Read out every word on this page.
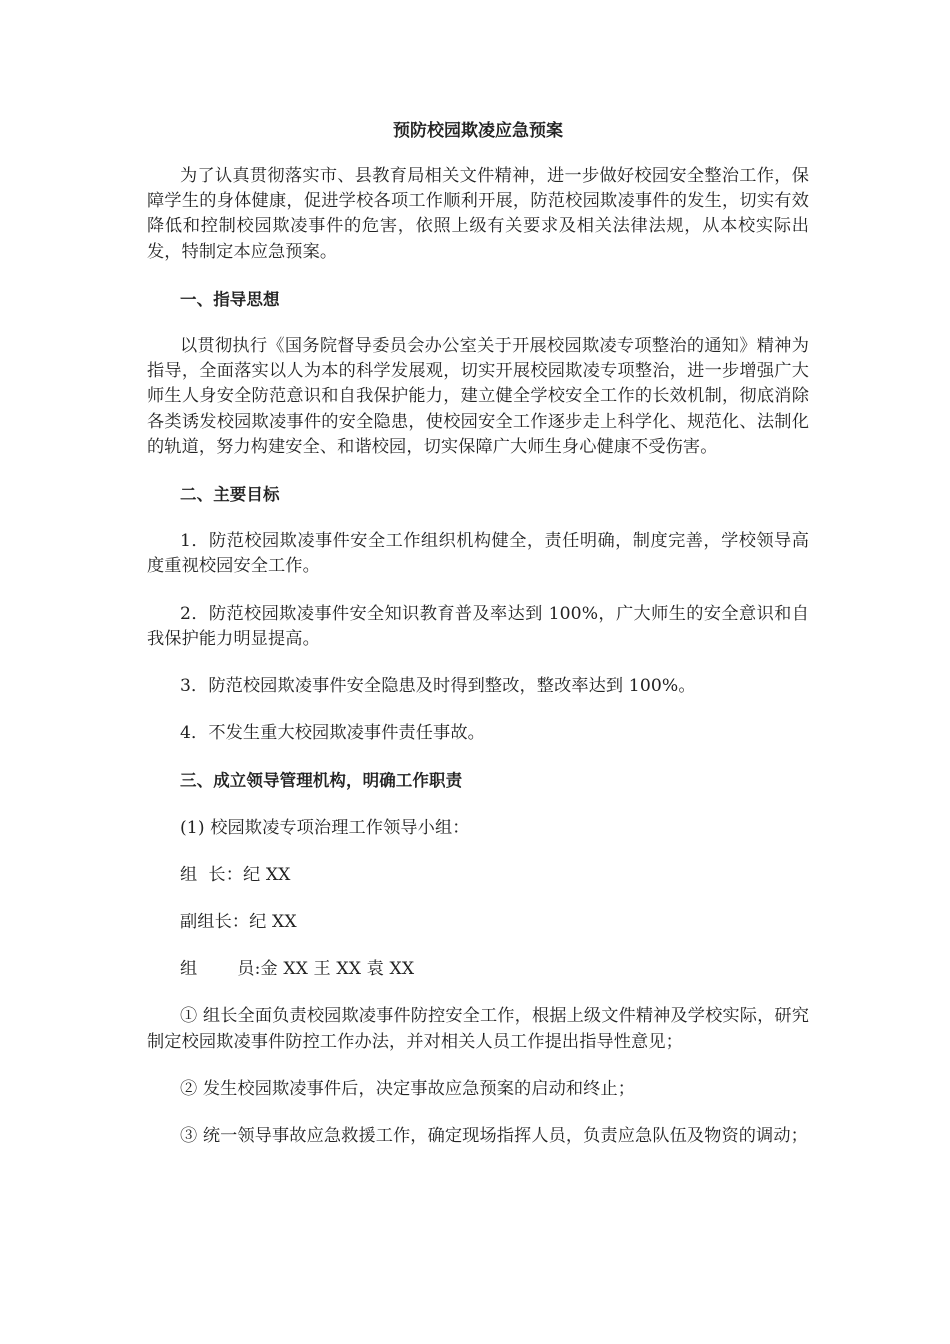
预防校园欺凌应急预案

为了认真贯彻落实市、县教育局相关文件精神，进一步做好校园安全整治工作，保障学生的身体健康，促进学校各项工作顺利开展，防范校园欺凌事件的发生，切实有效降低和控制校园欺凌事件的危害，依照上级有关要求及相关法律法规，从本校实际出发，特制定本应急预案。

一、指导思想

以贯彻执行《国务院督导委员会办公室关于开展校园欺凌专项整治的通知》精神为指导，全面落实以人为本的科学发展观，切实开展校园欺凌专项整治，进一步增强广大师生人身安全防范意识和自我保护能力，建立健全学校安全工作的长效机制，彻底消除各类诱发校园欺凌事件的安全隐患，使校园安全工作逐步走上科学化、规范化、法制化的轨道，努力构建安全、和谐校园，切实保障广大师生身心健康不受伤害。

二、主要目标

1．防范校园欺凌事件安全工作组织机构健全，责任明确，制度完善，学校领导高度重视校园安全工作。

2．防范校园欺凌事件安全知识教育普及率达到 100%，广大师生的安全意识和自我保护能力明显提高。

3．防范校园欺凌事件安全隐患及时得到整改，整改率达到 100%。

4．不发生重大校园欺凌事件责任事故。

三、成立领导管理机构，明确工作职责

(1) 校园欺凌专项治理工作领导小组：

组  长：纪 XX

副组长：纪 XX

组 员:金 XX 王 XX 袁 XX

① 组长全面负责校园欺凌事件防控安全工作，根据上级文件精神及学校实际，研究制定校园欺凌事件防控工作办法，并对相关人员工作提出指导性意见；

② 发生校园欺凌事件后，决定事故应急预案的启动和终止；

③ 统一领导事故应急救援工作，确定现场指挥人员，负责应急队伍及物资的调动；
